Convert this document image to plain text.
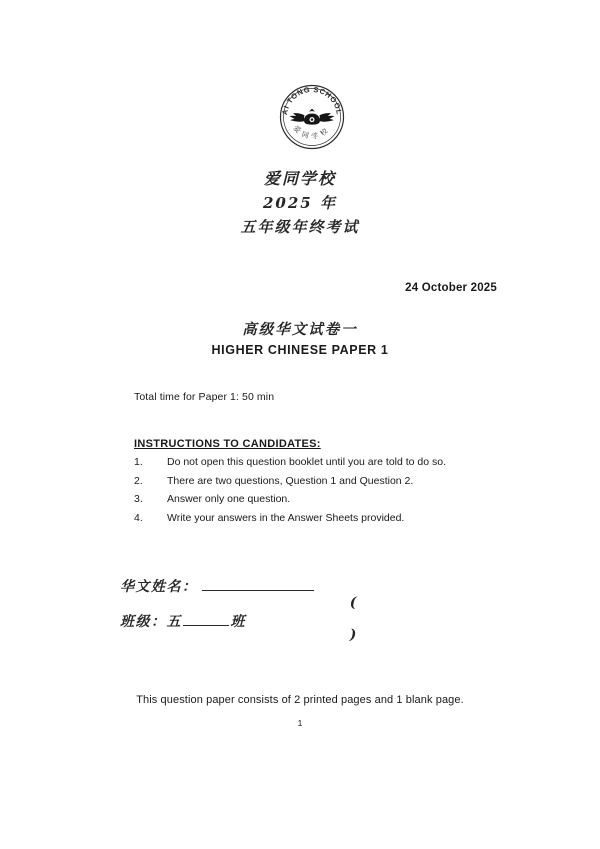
AI TONG SCHOOL
爱同学校
爱同学校
2025 年
五年级年终考试
24 October 2025
高级华文试卷一
HIGHER CHINESE PAPER 1
Total time for Paper 1: 50 min
INSTRUCTIONS TO CANDIDATES:
1.	Do not open this question booklet until you are told to do so.
2.	There are two questions, Question 1 and Question 2.
3.	Answer only one question.
4.	Write your answers in the Answer Sheets provided.
华文姓名：

(

)

班级： 五	班
This question paper consists of 2 printed pages and 1 blank page.
1
